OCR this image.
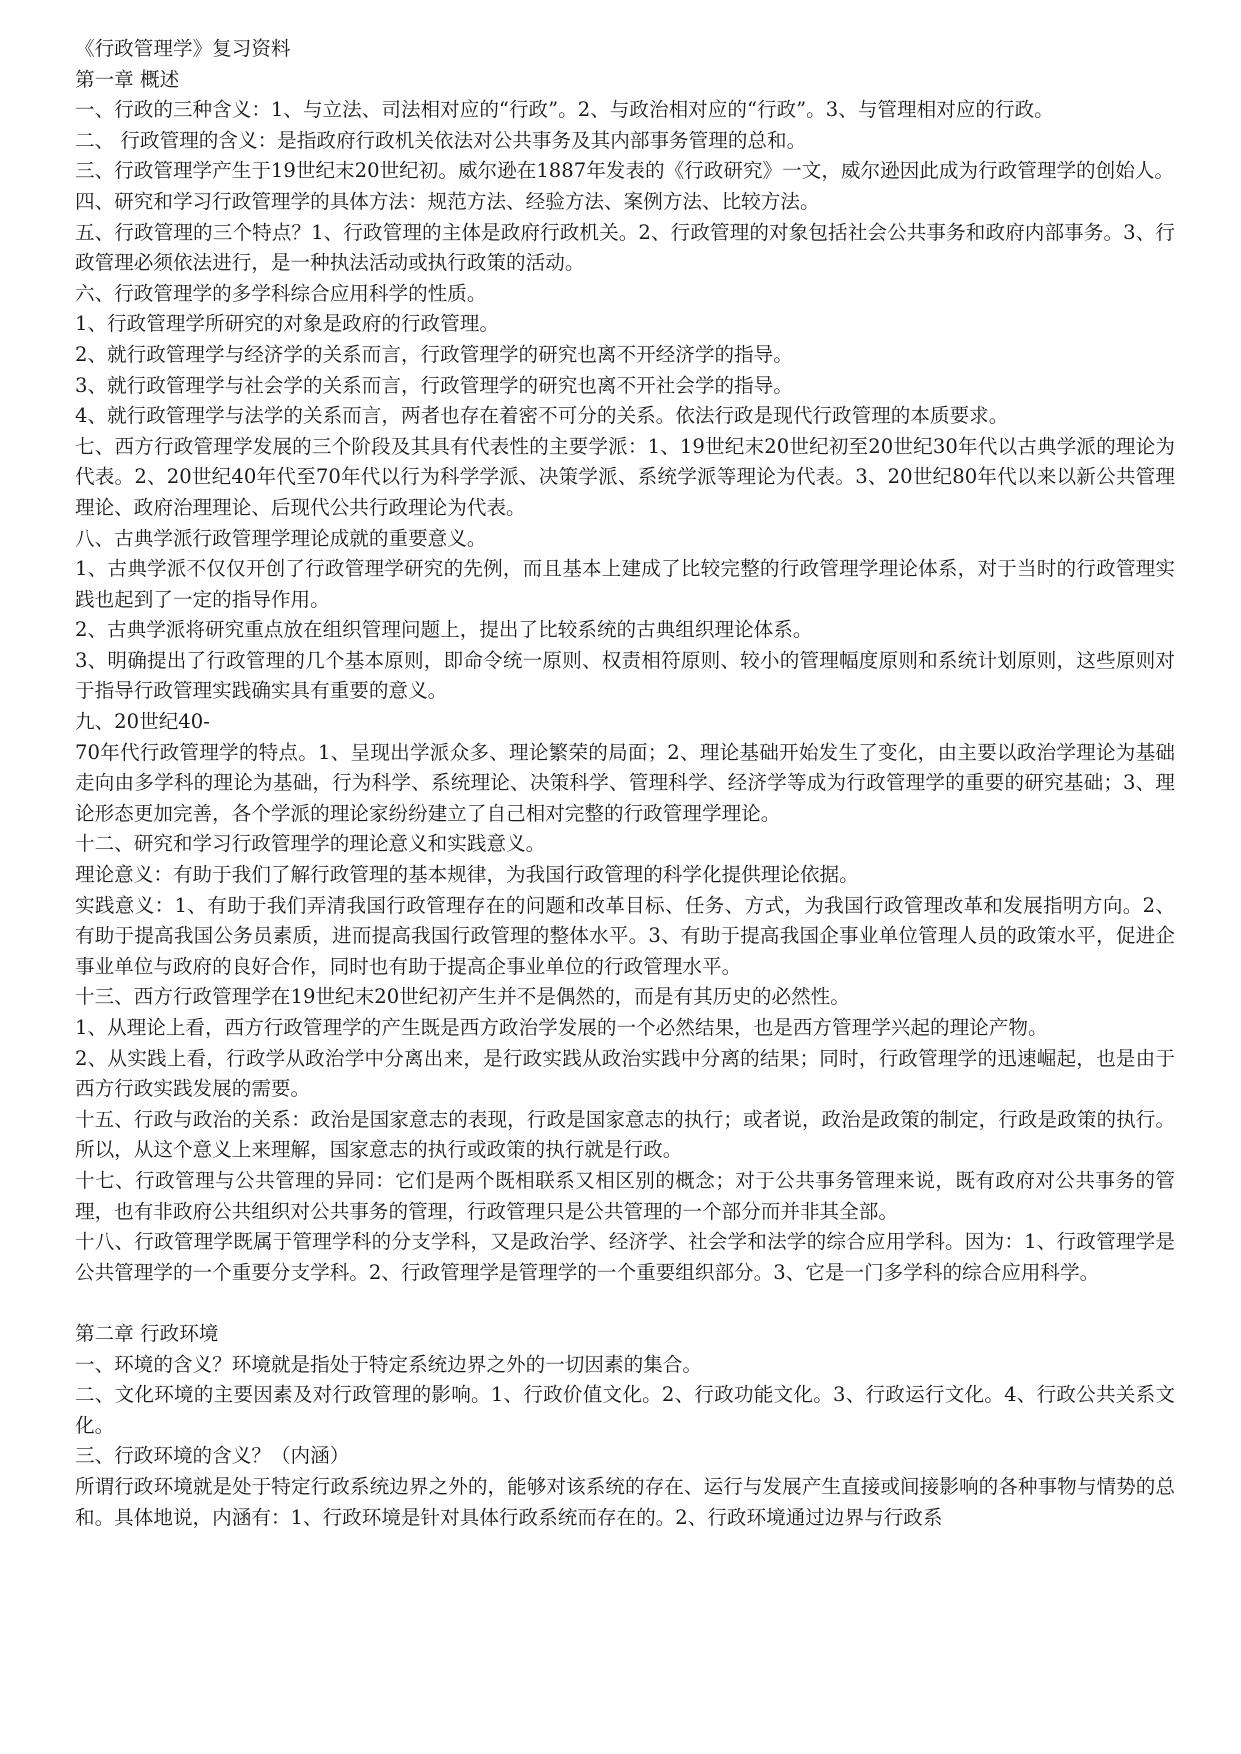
《行政管理学》复习资料

第一章 概述

一、行政的三种含义：1、与立法、司法相对应的“行政”。2、与政治相对应的“行政”。3、与管理相对应的行政。

二、 行政管理的含义：是指政府行政机关依法对公共事务及其内部事务管理的总和。

三、行政管理学产生于19世纪末20世纪初。威尔逊在1887年发表的《行政研究》一文，威尔逊因此成为行政管理学的创始人。

四、研究和学习行政管理学的具体方法：规范方法、经验方法、案例方法、比较方法。

五、行政管理的三个特点？1、行政管理的主体是政府行政机关。2、行政管理的对象包括社会公共事务和政府内部事务。3、行政管理必须依法进行，是一种执法活动或执行政策的活动。

六、行政管理学的多学科综合应用科学的性质。

1、行政管理学所研究的对象是政府的行政管理。

2、就行政管理学与经济学的关系而言，行政管理学的研究也离不开经济学的指导。

3、就行政管理学与社会学的关系而言，行政管理学的研究也离不开社会学的指导。

4、就行政管理学与法学的关系而言，两者也存在着密不可分的关系。依法行政是现代行政管理的本质要求。

七、西方行政管理学发展的三个阶段及其具有代表性的主要学派：1、19世纪末20世纪初至20世纪30年代以古典学派的理论为代表。2、20世纪40年代至70年代以行为科学学派、决策学派、系统学派等理论为代表。3、20世纪80年代以来以新公共管理理论、政府治理理论、后现代公共行政理论为代表。

八、古典学派行政管理学理论成就的重要意义。

1、古典学派不仅仅开创了行政管理学研究的先例，而且基本上建成了比较完整的行政管理学理论体系，对于当时的行政管理实践也起到了一定的指导作用。

2、古典学派将研究重点放在组织管理问题上，提出了比较系统的古典组织理论体系。

3、明确提出了行政管理的几个基本原则，即命令统一原则、权责相符原则、较小的管理幅度原则和系统计划原则，这些原则对于指导行政管理实践确实具有重要的意义。

九、20世纪40-

70年代行政管理学的特点。1、呈现出学派众多、理论繁荣的局面；2、理论基础开始发生了变化，由主要以政治学理论为基础走向由多学科的理论为基础，行为科学、系统理论、决策科学、管理科学、经济学等成为行政管理学的重要的研究基础；3、理论形态更加完善，各个学派的理论家纷纷建立了自己相对完整的行政管理学理论。

十二、研究和学习行政管理学的理论意义和实践意义。

理论意义：有助于我们了解行政管理的基本规律，为我国行政管理的科学化提供理论依据。

实践意义：1、有助于我们弄清我国行政管理存在的问题和改革目标、任务、方式，为我国行政管理改革和发展指明方向。2、有助于提高我国公务员素质，进而提高我国行政管理的整体水平。3、有助于提高我国企事业单位管理人员的政策水平，促进企事业单位与政府的良好合作，同时也有助于提高企事业单位的行政管理水平。

十三、西方行政管理学在19世纪末20世纪初产生并不是偶然的，而是有其历史的必然性。

1、从理论上看，西方行政管理学的产生既是西方政治学发展的一个必然结果，也是西方管理学兴起的理论产物。

2、从实践上看，行政学从政治学中分离出来，是行政实践从政治实践中分离的结果；同时，行政管理学的迅速崛起，也是由于 西方行政实践发展的需要。

十五、行政与政治的关系：政治是国家意志的表现，行政是国家意志的执行；或者说，政治是政策的制定，行政是政策的执行。所以，从这个意义上来理解，国家意志的执行或政策的执行就是行政。

十七、行政管理与公共管理的异同：它们是两个既相联系又相区别的概念；对于公共事务管理来说，既有政府对公共事务的管理，也有非政府公共组织对公共事务的管理，行政管理只是公共管理的一个部分而并非其全部。

十八、行政管理学既属于管理学科的分支学科，又是政治学、经济学、社会学和法学的综合应用学科。因为：1、行政管理学是公共管理学的一个重要分支学科。2、行政管理学是管理学的一个重要组织部分。3、它是一门多学科的综合应用科学。

第二章 行政环境

一、环境的含义？环境就是指处于特定系统边界之外的一切因素的集合。

二、文化环境的主要因素及对行政管理的影响。1、行政价值文化。2、行政功能文化。3、行政运行文化。4、行政公共关系文化。

三、行政环境的含义？（内涵）

所谓行政环境就是处于特定行政系统边界之外的，能够对该系统的存在、运行与发展产生直接或间接影响的各种事物与情势的总和。具体地说，内涵有：1、行政环境是针对具体行政系统而存在的。2、行政环境通过边界与行政系
